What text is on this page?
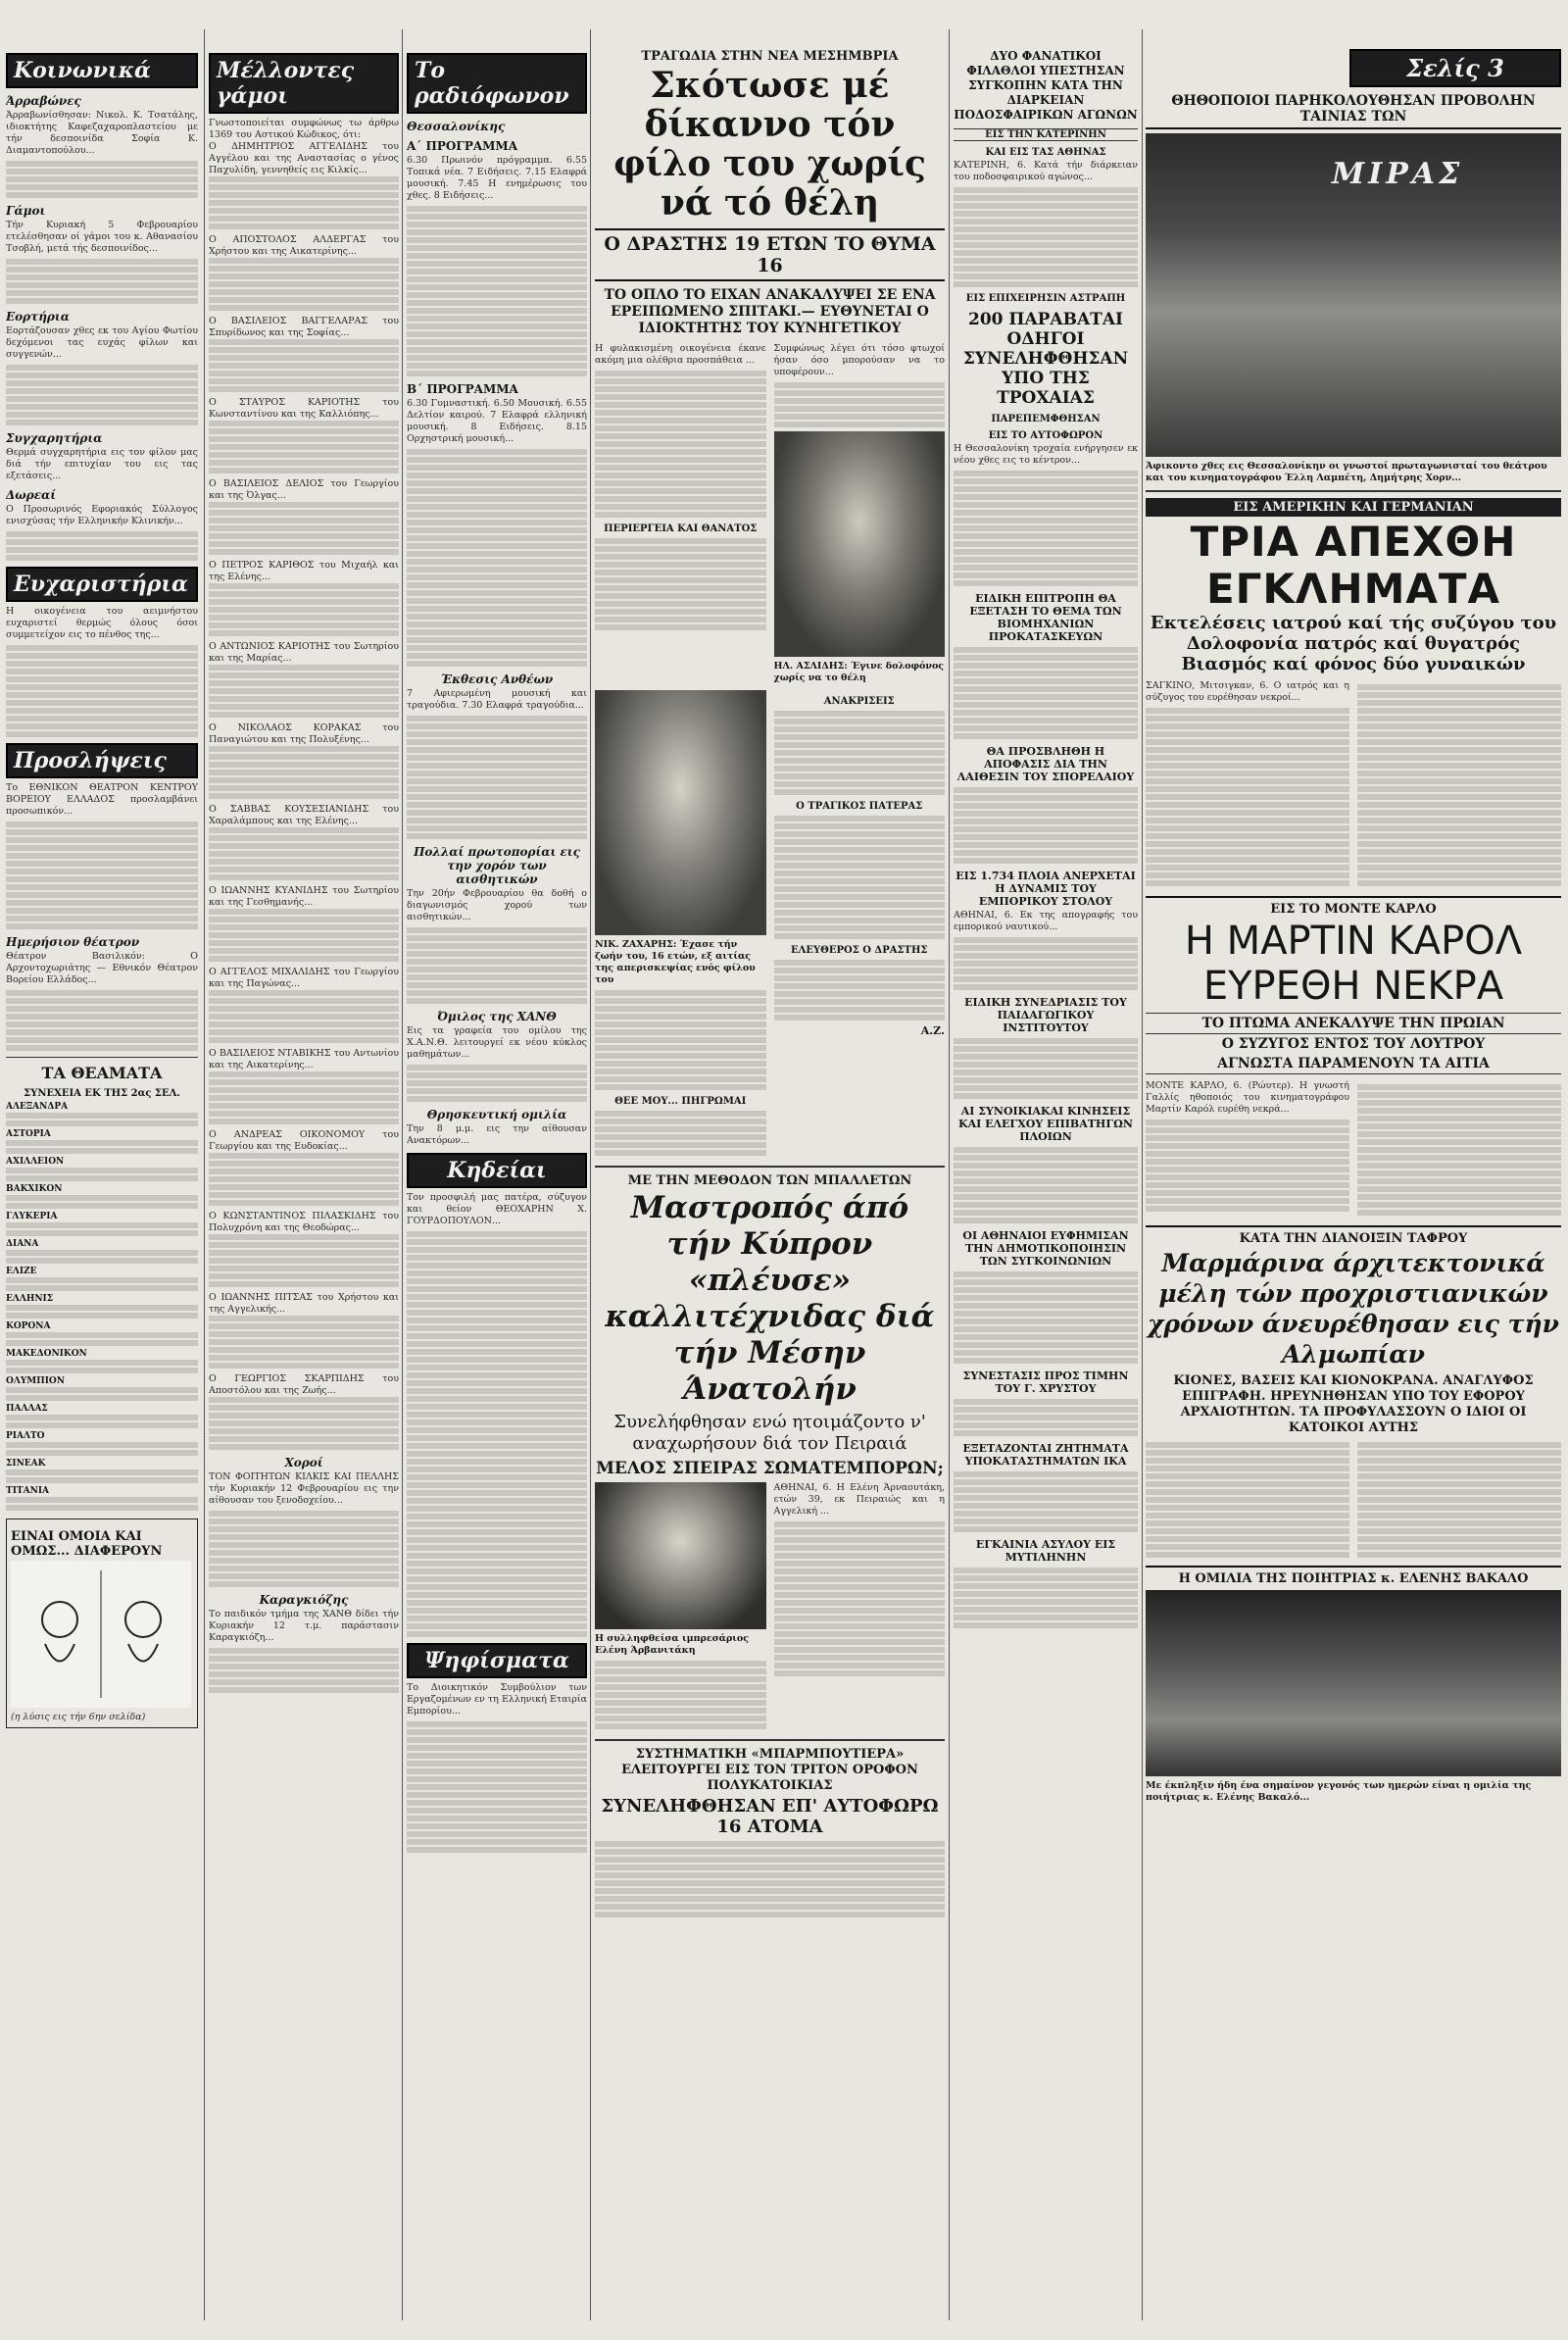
Κοινωνικά
Άρραβώνες
Άρραβωνίσθησαν: Νικολ. Κ. Τσατάλης, ιδιοκτήτης Καφεζαχαροπλαστείου με τήν δεσποινίδα Σοφία Κ. Διαμαντοπούλου...
Γάμοι
Τήν Κυριακή 5 Φεβρουαρίου ετελέσθησαν οί γάμοι του κ. Αθανασίου Τσοβλή, μετά τής δεσποινίδος...
Εορτήρια
Εορτάζουσαν χθες εκ του Αγίου Φωτίου δεχόμενοι τας ευχάς φίλων και συγγενών...
Συγχαρητήρια
Θερμά συγχαρητήρια εις τον φίλον μας διά τήν επιτυχίαν του εις τας εξετάσεις...
Δωρεαί
Ο Προσωρινός Εφοριακός Σύλλογος ενισχύσας τήν Ελληνικήν Κλινικήν...
Ευχαριστήρια
Η οικογένεια του αειμνήστου ευχαριστεί θερμώς όλους όσοι συμμετείχον εις το πένθος της...
Προσλήψεις
Το ΕΘΝΙΚΟΝ ΘΕΑΤΡΟΝ ΚΕΝΤΡΟΥ ΒΟΡΕΙΟΥ ΕΛΛΑΔΟΣ προσλαμβάνει προσωπικόν...
Ημερήσιον θέατρον
Θέατρον Βασιλικόν: Ο Αρχοντοχωριάτης — Εθνικόν Θέατρον Βορείου Ελλάδος...
ΤΑ ΘΕΑΜΑΤΑ
ΣΥΝΕΧΕΙΑ ΕΚ ΤΗΣ 2ας ΣΕΛ.
ΑΛΕΞΑΝΔΡΑ
ΑΣΤΟΡΙΑ
ΑΧΙΛΛΕΙΟΝ
ΒΑΚΧΙΚΟΝ
ΓΛΥΚΕΡΙΑ
ΔΙΑΝΑ
ΕΛΙΖΕ
ΕΛΛΗΝΙΣ
ΚΟΡΟΝΑ
ΜΑΚΕΔΟΝΙΚΟΝ
ΟΛΥΜΠΙΟΝ
ΠΑΛΛΑΣ
ΡΙΑΛΤΟ
ΣΙΝΕΑΚ
ΤΙΤΑΝΙΑ
ΕΙΝΑΙ ΟΜΟΙΑ ΚΑΙ ΟΜΩΣ... ΔΙΑΦΕΡΟΥΝ
(η λύσις εις τήν 6ην σελίδα)
Μέλλοντες γάμοι
Γνωστοποιείται συμφώνως τω άρθρω 1369 του Αστικού Κώδικος, ότι:
Ο ΔΗΜΗΤΡΙΟΣ ΑΓΓΕΛΙΔΗΣ του Αγγέλου και της Αναστασίας ο γένος Παχυλίδη, γεννηθείς εις Κιλκίς...
Ο ΑΠΟΣΤΟΛΟΣ ΑΛΔΕΡΓΑΣ του Χρήστου και της Αικατερίνης...
Ο ΒΑΣΙΛΕΙΟΣ ΒΑΓΓΕΛΑΡΑΣ του Σπυρίδωνος και της Σοφίας...
Ο ΣΤΑΥΡΟΣ ΚΑΡΙΟΤΗΣ του Κωνσταντίνου και της Καλλιόπης...
Ο ΒΑΣΙΛΕΙΟΣ ΔΕΛΙΟΣ του Γεωργίου και της Όλγας...
Ο ΠΕΤΡΟΣ ΚΑΡΙΘΟΣ του Μιχαήλ και της Ελένης...
Ο ΑΝΤΩΝΙΟΣ ΚΑΡΙΟΤΗΣ του Σωτηρίου και της Μαρίας...
Ο ΝΙΚΟΛΑΟΣ ΚΟΡΑΚΑΣ του Παναγιώτου και της Πολυξένης...
Ο ΣΑΒΒΑΣ ΚΟΥΣΕΣΙΑΝΙΔΗΣ του Χαραλάμπους και της Ελένης...
Ο ΙΩΑΝΝΗΣ ΚΥΑΝΙΔΗΣ του Σωτηρίου και της Γεσθημανής...
Ο ΑΓΓΕΛΟΣ ΜΙΧΑΛΙΔΗΣ του Γεωργίου και της Παγώνας...
Ο ΒΑΣΙΛΕΙΟΣ ΝΤΑΒΙΚΗΣ του Αντωνίου και της Αικατερίνης...
Ο ΑΝΔΡΕΑΣ ΟΙΚΟΝΟΜΟΥ του Γεωργίου και της Ευδοκίας...
Ο ΚΩΝΣΤΑΝΤΙΝΟΣ ΠΙΛΑΣΚΙΔΗΣ του Πολυχρόνη και της Θεοδώρας...
Ο ΙΩΑΝΝΗΣ ΠΙΤΣΑΣ του Χρήστου και της Αγγελικής...
Ο ΓΕΩΡΓΙΟΣ ΣΚΑΡΠΙΔΗΣ του Αποστόλου και της Ζωής...
Χοροί
ΤΟΝ ΦΟΙΤΗΤΩΝ ΚΙΛΚΙΣ ΚΑΙ ΠΕΛΛΗΣ τήν Κυριακήν 12 Φεβρουαρίου εις την αίθουσαν του ξενοδοχείου...
Καραγκιόζης
Το παιδικόν τμήμα της ΧΑΝΘ δίδει τήν Κυριακήν 12 τ.μ. παράστασιν Καραγκιόζη...
Το ραδιόφωνον
Θεσσαλονίκης
Α΄ ΠΡΟΓΡΑΜΜΑ
6.30 Πρωινόν πρόγραμμα. 6.55 Τοπικά νέα. 7 Ειδήσεις. 7.15 Ελαφρά μουσική. 7.45 Η ενημέρωσις του χθες. 8 Ειδήσεις...
Β΄ ΠΡΟΓΡΑΜΜΑ
6.30 Γυμναστική. 6.50 Μουσική. 6.55 Δελτίον καιρού. 7 Ελαφρά ελληνική μουσική. 8 Ειδήσεις. 8.15 Ορχηστρική μουσική...
Έκθεσις Ανθέων
7 Αφιερωμένη μουσική και τραγούδια. 7.30 Ελαφρά τραγούδια...
Πολλαί πρωτοπορίαι εις την χορόν των αισθητικών
Την 20ήν Φεβρουαρίου θα δοθή ο διαγωνισμός χορού των αισθητικών...
Όμιλος της ΧΑΝΘ
Εις τα γραφεία του ομίλου της Χ.Α.Ν.Θ. λειτουργεί εκ νέου κύκλος μαθημάτων...
Θρησκευτική ομιλία
Την 8 μ.μ. εις την αίθουσαν Ανακτόρων...
Κηδείαι
Τον προσφιλή μας πατέρα, σύζυγον και θείον ΘΕΟΧΑΡΗΝ Χ. ΓΟΥΡΔΟΠΟΥΛΟΝ...
Ψηφίσματα
Το Διοικητικόν Συμβούλιον των Εργαζομένων εν τη Ελληνική Εταιρία Εμπορίου...
ΤΡΑΓΩΔΙΑ ΣΤΗΝ ΝΕΑ ΜΕΣΗΜΒΡΙΑ
Σκότωσε μέ δίκαννο τόν φίλο του χωρίς νά τό θέλη
Ο ΔΡΑΣΤΗΣ 19 ΕΤΩΝ ΤΟ ΘΥΜΑ 16
ΤΟ ΟΠΛΟ ΤΟ ΕΙΧΑΝ ΑΝΑΚΑΛΥΨΕΙ ΣΕ ΕΝΑ ΕΡΕΙΠΩΜΕΝΟ ΣΠΙΤΑΚΙ.— ΕΥΘΥΝΕΤΑΙ Ο ΙΔΙΟΚΤΗΤΗΣ ΤΟΥ ΚΥΝΗΓΕΤΙΚΟΥ
Η φυλακισμένη οικογένεια έκανε ακόμη μια ολέθρια προσπάθεια ...
ΠΕΡΙΕΡΓΕΙΑ ΚΑΙ ΘΑΝΑΤΟΣ
Συμφώνως λέγει ότι τόσο φτωχοί ήσαν όσο μπορούσαν να το υποφέρουν...
ΗΛ. ΑΣΛΙΔΗΣ: Έγινε δολοφόνος χωρίς να το θέλη
ΝΙΚ. ΖΑΧΑΡΗΣ: Έχασε τήν ζωήν του, 16 ετών, εξ αιτίας της απερισκεψίας ενός φίλου του
ΘΕΕ ΜΟΥ... ΠΗΓΡΩΜΑΙ
ΑΝΑΚΡΙΣΕΙΣ
Ο ΤΡΑΓΙΚΟΣ ΠΑΤΕΡΑΣ
ΕΛΕΥΘΕΡΟΣ Ο ΔΡΑΣΤΗΣ
Α.Ζ.
ΜΕ ΤΗΝ ΜΕΘΟΔΟΝ ΤΩΝ ΜΠΑΛΛΕΤΩΝ
Μαστροπός άπό τήν Κύπρον «πλέυσε» καλλιτέχνιδας διά τήν Μέσην Άνατολήν
Συνελήφθησαν ενώ ητοιμάζοντο ν' αναχωρήσουν διά τον Πειραιά
ΜΕΛΟΣ ΣΠΕΙΡΑΣ ΣΩΜΑΤΕΜΠΟΡΩΝ;
Η συλληφθείσα ιμπρεσάριος Ελένη Άρβανιτάκη
ΑΘΗΝΑΙ, 6. Η Ελένη Άρναουτάκη, ετών 39, εκ Πειραιώς και η Αγγελική ...
ΣΥΣΤΗΜΑΤΙΚΗ «ΜΠΑΡΜΠΟΥΤΙΕΡΑ» ΕΛΕΙΤΟΥΡΓΕΙ ΕΙΣ ΤΟΝ ΤΡΙΤΟΝ ΟΡΟΦΟΝ ΠΟΛΥΚΑΤΟΙΚΙΑΣ
ΣΥΝΕΛΗΦΘΗΣΑΝ ΕΠ' ΑΥΤΟΦΩΡΩ 16 ΑΤΟΜΑ
ΔΥΟ ΦΑΝΑΤΙΚΟΙ ΦΙΛΑΘΛΟΙ ΥΠΕΣΤΗΣΑΝ ΣΥΓΚΟΠΗΝ ΚΑΤΑ ΤΗΝ ΔΙΑΡΚΕΙΑΝ ΠΟΔΟΣΦΑΙΡΙΚΩΝ ΑΓΩΝΩΝ
ΕΙΣ ΤΗΝ ΚΑΤΕΡΙΝΗΝ
ΚΑΙ ΕΙΣ ΤΑΣ ΑΘΗΝΑΣ
ΚΑΤΕΡΙΝΗ, 6. Κατά τήν διάρκειαν του ποδοσφαιρικού αγώνος...
ΕΙΣ ΕΠΙΧΕΙΡΗΣΙΝ ΑΣΤΡΑΠΗ
200 ΠΑΡΑΒΑΤΑΙ ΟΔΗΓΟΙ ΣΥΝΕΛΗΦΘΗΣΑΝ ΥΠΟ ΤΗΣ ΤΡΟΧΑΙΑΣ
ΠΑΡΕΠΕΜΦΘΗΣΑΝ
ΕΙΣ ΤΟ ΑΥΤΟΦΩΡΟΝ
Η Θεσσαλονίκη τροχαία ενήργησεν εκ νέου χθες εις το κέντρον...
ΕΙΔΙΚΗ ΕΠΙΤΡΟΠΗ ΘΑ ΕΞΕΤΑΣΗ ΤΟ ΘΕΜΑ ΤΩΝ ΒΙΟΜΗΧΑΝΙΩΝ ΠΡΟΚΑΤΑΣΚΕΥΩΝ
ΘΑ ΠΡΟΣΒΛΗΘΗ Η ΑΠΟΦΑΣΙΣ ΔΙΑ ΤΗΝ ΛΑΙΘΕΣΙΝ ΤΟΥ ΣΠΟΡΕΛΑΙΟΥ
ΕΙΣ 1.734 ΠΛΟΙΑ ΑΝΕΡΧΕΤΑΙ Η ΔΥΝΑΜΙΣ ΤΟΥ ΕΜΠΟΡΙΚΟΥ ΣΤΟΛΟΥ
ΑΘΗΝΑΙ, 6. Εκ της απογραφής του εμπορικού ναυτικού...
ΕΙΔΙΚΗ ΣΥΝΕΔΡΙΑΣΙΣ ΤΟΥ ΠΑΙΔΑΓΩΓΙΚΟΥ ΙΝΣΤΙΤΟΥΤΟΥ
ΑΙ ΣΥΝΟΙΚΙΑΚΑΙ ΚΙΝΗΣΕΙΣ ΚΑΙ ΕΛΕΓΧΟΥ ΕΠΙΒΑΤΗΓΩΝ ΠΛΟΙΩΝ
ΟΙ ΑΘΗΝΑΙΟΙ ΕΥΦΗΜΙΣΑΝ ΤΗΝ ΔΗΜΟΤΙΚΟΠΟΙΗΣΙΝ ΤΩΝ ΣΥΓΚΟΙΝΩΝΙΩΝ
ΣΥΝΕΣΤΑΣΙΣ ΠΡΟΣ ΤΙΜΗΝ ΤΟΥ Γ. ΧΡΥΣΤΟΥ
ΕΞΕΤΑΖΟΝΤΑΙ ΖΗΤΗΜΑΤΑ ΥΠΟΚΑΤΑΣΤΗΜΑΤΩΝ ΙΚΑ
ΕΓΚΑΙΝΙΑ ΑΣΥΛΟΥ ΕΙΣ ΜΥΤΙΛΗΝΗΝ
Σελίς 3
ΘΗΘΟΠΟΙΟΙ ΠΑΡΗΚΟΛΟΥΘΗΣΑΝ ΠΡΟΒΟΛΗΝ ΤΑΙΝΙΑΣ ΤΩΝ
ΜΙΡΑΣ
Άφικοντο χθες εις Θεσσαλονίκην οι γνωστοί πρωταγωνισταί του θεάτρου και του κινηματογράφου Έλλη Λαμπέτη, Δημήτρης Χορν...
ΕΙΣ ΑΜΕΡΙΚΗΝ ΚΑΙ ΓΕΡΜΑΝΙΑΝ
ΤΡΙΑ ΑΠΕΧΘΗ ΕΓΚΛΗΜΑΤΑ
Εκτελέσεις ιατρού καί τής συζύγου του
Δολοφονία πατρός καί θυγατρός
Βιασμός καί φόνος δύο γυναικών
ΣΑΓΚΙΝΟ, Μιτσιγκαν, 6. Ο ιατρός και η σύζυγος του ευρέθησαν νεκροί...
ΕΙΣ ΤΟ ΜΟΝΤΕ ΚΑΡΛΟ
Η ΜΑΡΤΙΝ ΚΑΡΟΛ ΕΥΡΕΘΗ ΝΕΚΡΑ
ΤΟ ΠΤΩΜΑ ΑΝΕΚΑΛΥΨΕ ΤΗΝ ΠΡΩΙΑΝ
Ο ΣΥΖΥΓΟΣ ΕΝΤΟΣ ΤΟΥ ΛΟΥΤΡΟΥ
ΑΓΝΩΣΤΑ ΠΑΡΑΜΕΝΟΥΝ ΤΑ ΑΙΤΙΑ
ΜΟΝΤΕ ΚΑΡΛΟ, 6. (Ρώυτερ). Η γνωστή Γαλλίς ηθοποιός του κινηματογράφου Μαρτίν Καρόλ ευρέθη νεκρά...
ΚΑΤΑ ΤΗΝ ΔΙΑΝΟΙΞΙΝ ΤΑΦΡΟΥ
Μαρμάρινα άρχιτεκτονικά μέλη τών προχριστιανικών χρόνων άνευρέθησαν εις τήν Αλμωπίαν
ΚΙΟΝΕΣ, ΒΑΣΕΙΣ ΚΑΙ ΚΙΟΝΟΚΡΑΝΑ. ΑΝΑΓΛΥΦΟΣ ΕΠΙΓΡΑΦΗ. ΗΡΕΥΝΗΘΗΣΑΝ ΥΠΟ ΤΟΥ ΕΦΟΡΟΥ ΑΡΧΑΙΟΤΗΤΩΝ. ΤΑ ΠΡΟΦΥΛΑΣΣΟΥΝ Ο ΙΔΙΟΙ ΟΙ ΚΑΤΟΙΚΟΙ ΑΥΤΗΣ
Η ΟΜΙΛΙΑ ΤΗΣ ΠΟΙΗΤΡΙΑΣ κ. ΕΛΕΝΗΣ ΒΑΚΑΛΟ
Με έκπληξιν ήδη ένα σημαίνον γεγονός των ημερών είναι η ομιλία της ποιήτριας κ. Ελένης Βακαλό...
